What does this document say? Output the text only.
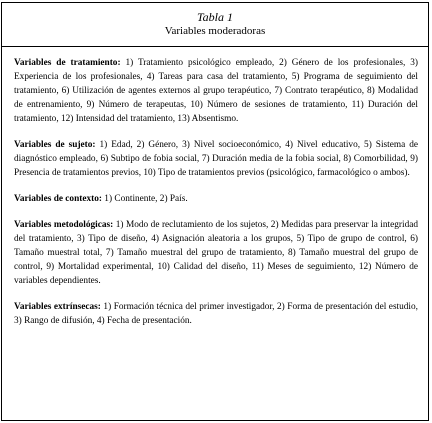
Tabla 1
Variables moderadoras

Variables de tratamiento: 1) Tratamiento psicológico empleado, 2) Género de los profesionales, 3) Experiencia de los profesionales, 4) Tareas para casa del tratamiento, 5) Programa de seguimiento del tratamiento, 6) Utilización de agentes externos al grupo terapéutico, 7) Contrato terapéutico, 8) Modalidad de entrenamiento, 9) Número de terapeutas, 10) Número de sesiones de tratamiento, 11) Duración del tratamiento, 12) Intensidad del tratamiento, 13) Absentismo.

Variables de sujeto: 1) Edad, 2) Género, 3) Nivel socioeconómico, 4) Nivel educativo, 5) Sistema de diagnóstico empleado, 6) Subtipo de fobia social, 7) Duración media de la fobia social, 8) Comorbilidad, 9) Presencia de tratamientos previos, 10) Tipo de tratamientos previos (psicológico, farmacológico o ambos).

Variables de contexto: 1) Continente, 2) País.

Variables metodológicas: 1) Modo de reclutamiento de los sujetos, 2) Medidas para preservar la integridad del tratamiento, 3) Tipo de diseño, 4) Asignación aleatoria a los grupos, 5) Tipo de grupo de control, 6) Tamaño muestral total, 7) Tamaño muestral del grupo de tratamiento, 8) Tamaño muestral del grupo de control, 9) Mortalidad experimental, 10) Calidad del diseño, 11) Meses de seguimiento, 12) Número de variables dependientes.

Variables extrínsecas: 1) Formación técnica del primer investigador, 2) Forma de presentación del estudio, 3) Rango de difusión, 4) Fecha de presentación.
